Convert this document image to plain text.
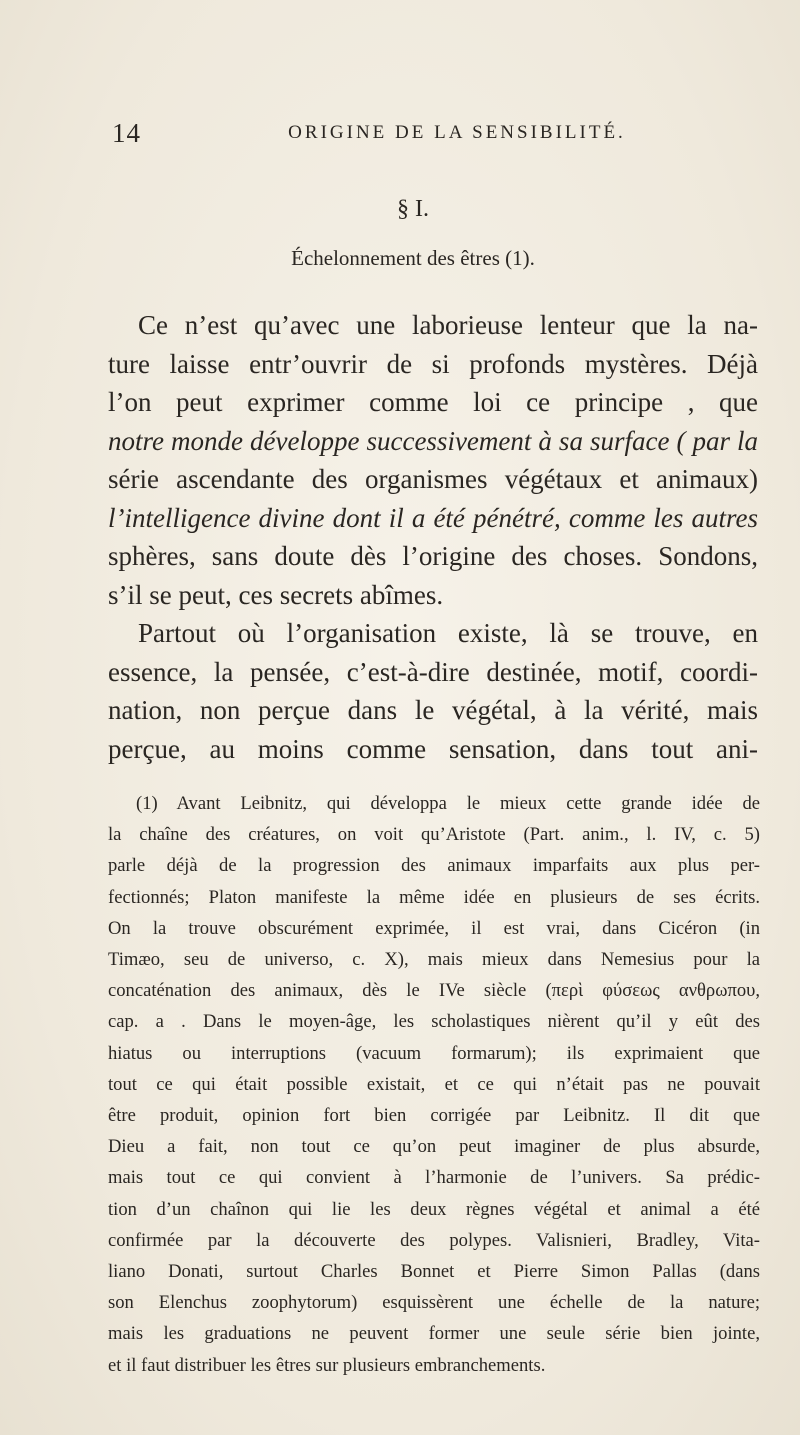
14	ORIGINE DE LA SENSIBILITÉ.
§ I.
Échelonnement des êtres (1).
Ce n’est qu’avec une laborieuse lenteur que la na-
ture laisse entr’ouvrir de si profonds mystères. Déjà
l’on peut exprimer comme loi ce principe , que
notre monde développe successivement à sa surface ( par la
série ascendante des organismes végétaux et animaux)
l’intelligence divine dont il a été pénétré, comme les autres
sphères, sans doute dès l’origine des choses. Sondons,
s’il se peut, ces secrets abîmes.
Partout où l’organisation existe, là se trouve, en
essence, la pensée, c’est-à-dire destinée, motif, coordi-
nation, non perçue dans le végétal, à la vérité, mais
perçue, au moins comme sensation, dans tout ani-
(1) Avant Leibnitz, qui développa le mieux cette grande idée de
la chaîne des créatures, on voit qu’Aristote (Part. anim., l. IV, c. 5)
parle déjà de la progression des animaux imparfaits aux plus per-
fectionnés; Platon manifeste la même idée en plusieurs de ses écrits.
On la trouve obscurément exprimée, il est vrai, dans Cicéron (in
Timæo, seu de universo, c. X), mais mieux dans Nemesius pour la
concaténation des animaux, dès le IVe siècle (περὶ φύσεως ανθρωπου,
cap. a . Dans le moyen-âge, les scholastiques nièrent qu’il y eût des
hiatus ou interruptions (vacuum formarum); ils exprimaient que
tout ce qui était possible existait, et ce qui n’était pas ne pouvait
être produit, opinion fort bien corrigée par Leibnitz. Il dit que
Dieu a fait, non tout ce qu’on peut imaginer de plus absurde,
mais tout ce qui convient à l’harmonie de l’univers. Sa prédic-
tion d’un chaînon qui lie les deux règnes végétal et animal a été
confirmée par la découverte des polypes. Valisnieri, Bradley, Vita-
liano Donati, surtout Charles Bonnet et Pierre Simon Pallas (dans
son Elenchus zoophytorum) esquissèrent une échelle de la nature;
mais les graduations ne peuvent former une seule série bien jointe,
et il faut distribuer les êtres sur plusieurs embranchements.
